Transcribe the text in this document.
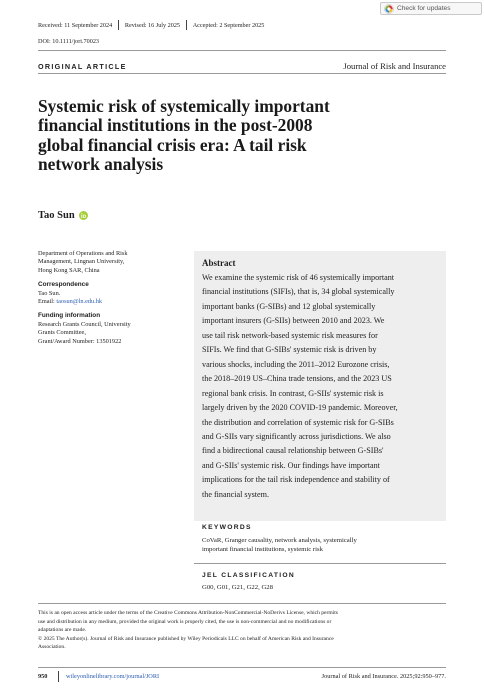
Check for updates
Received: 11 September 2024 Revised: 16 July 2025 Accepted: 2 September 2025
DOI: 10.1111/jori.70023
ORIGINAL ARTICLE	Journal of Risk and Insurance
Systemic risk of systemically important
financial institutions in the post-2008
global financial crisis era: A tail risk
network analysis
Tao Sun
Department of Operations and Risk
Management, Lingnan University,
Hong Kong SAR, China
Correspondence
Tao Sun.
Email: taosun@ln.edu.hk
Funding information
Research Grants Council, University
Grants Committee,
Grant/Award Number: 13501922
Abstract
We examine the systemic risk of 46 systemically important
financial institutions (SIFIs), that is, 34 global systemically
important banks (G-SIBs) and 12 global systemically
important insurers (G-SIIs) between 2010 and 2023. We
use tail risk network-based systemic risk measures for
SIFIs. We find that G-SIBs' systemic risk is driven by
various shocks, including the 2011–2012 Eurozone crisis,
the 2018–2019 US–China trade tensions, and the 2023 US
regional bank crisis. In contrast, G-SIIs' systemic risk is
largely driven by the 2020 COVID-19 pandemic. Moreover,
the distribution and correlation of systemic risk for G-SIBs
and G-SIIs vary significantly across jurisdictions. We also
find a bidirectional causal relationship between G-SIBs'
and G-SIIs' systemic risk. Our findings have important
implications for the tail risk independence and stability of
the financial system.
KEYWORDS
CoVaR, Granger causality, network analysis, systemically
important financial institutions, systemic risk
JEL CLASSIFICATION
G00, G01, G21, G22, G28
This is an open access article under the terms of the Creative Commons Attribution-NonCommercial-NoDerivs License, which permits
use and distribution in any medium, provided the original work is properly cited, the use is non-commercial and no modifications or
adaptations are made.
© 2025 The Author(s). Journal of Risk and Insurance published by Wiley Periodicals LLC on behalf of American Risk and Insurance
Association.
950	wileyonlinelibrary.com/journal/JORI	Journal of Risk and Insurance. 2025;92:950–977.
